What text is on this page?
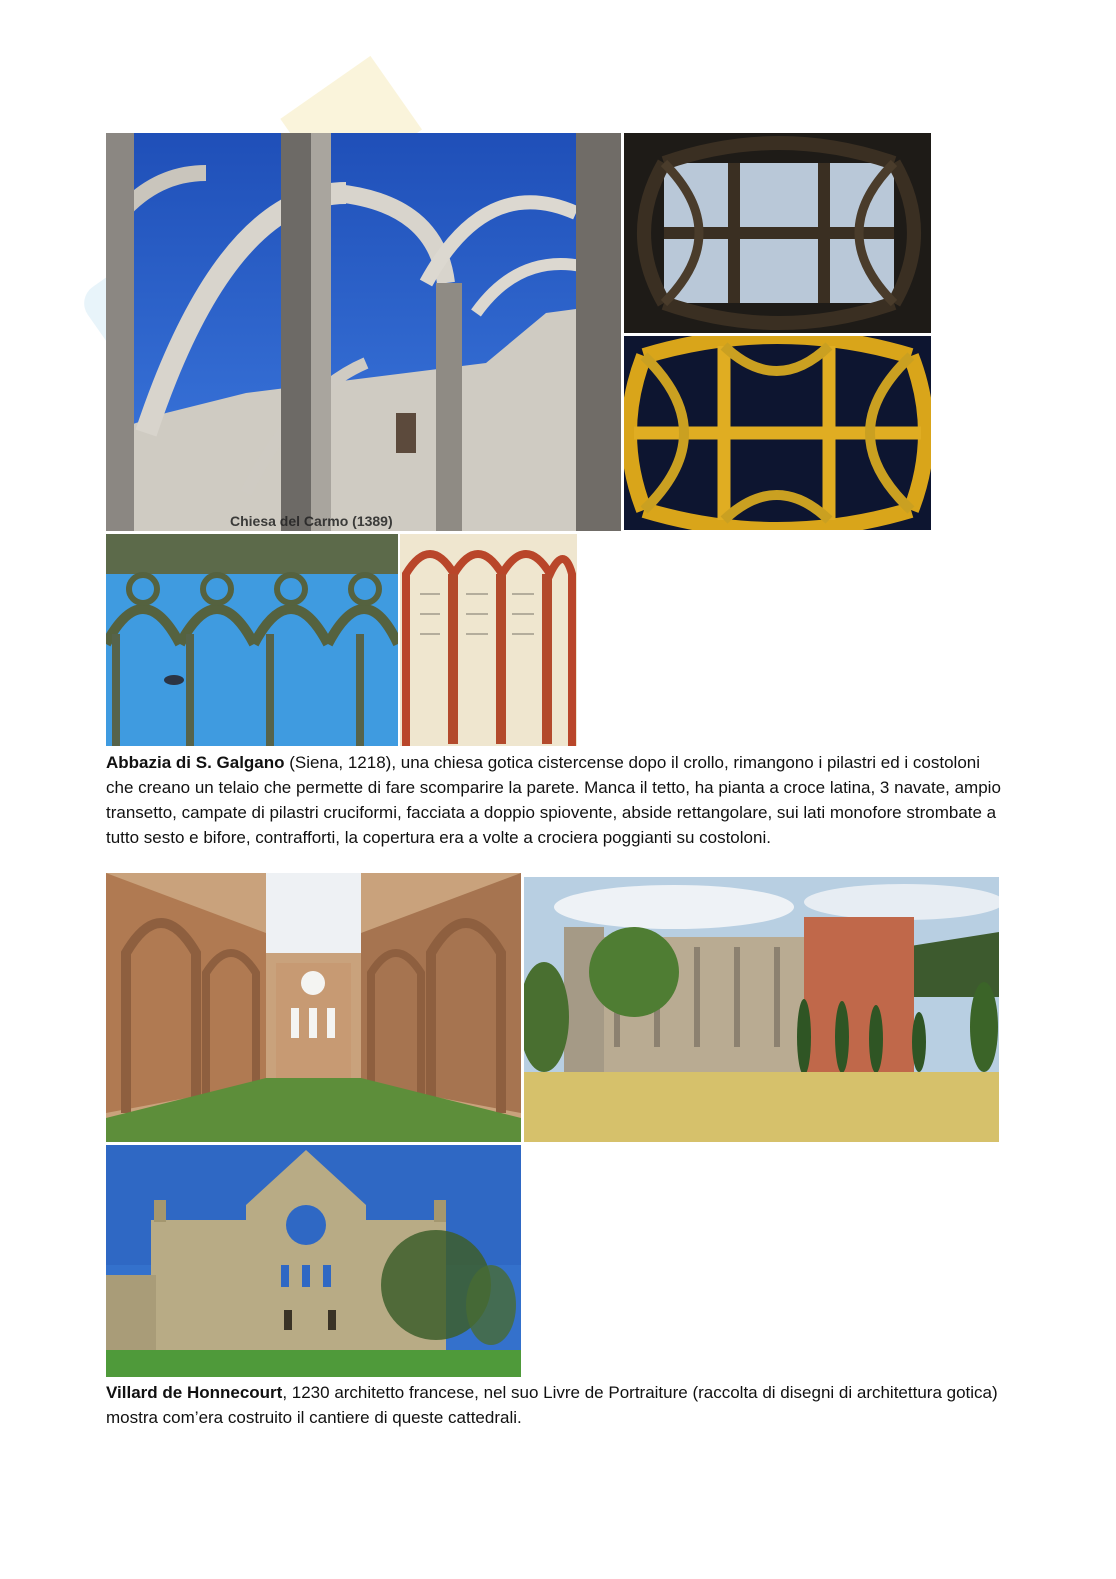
Chiesa del Carmo (1389)
Abbazia di S. Galgano (Siena, 1218), una chiesa gotica cistercense dopo il crollo, rimangono i pilastri ed i costoloni che creano un telaio che permette di fare scomparire la parete. Manca il tetto, ha pianta a croce latina, 3 navate, ampio transetto, campate di pilastri cruciformi, facciata a doppio spiovente, abside rettangolare, sui lati monofore strombate a tutto sesto e bifore, contrafforti, la copertura era a volte a crociera poggianti su costoloni.
Villard de Honnecourt, 1230 architetto francese, nel suo Livre de Portraiture (raccolta di disegni di architettura gotica) mostra com’era costruito il cantiere di queste cattedrali.
